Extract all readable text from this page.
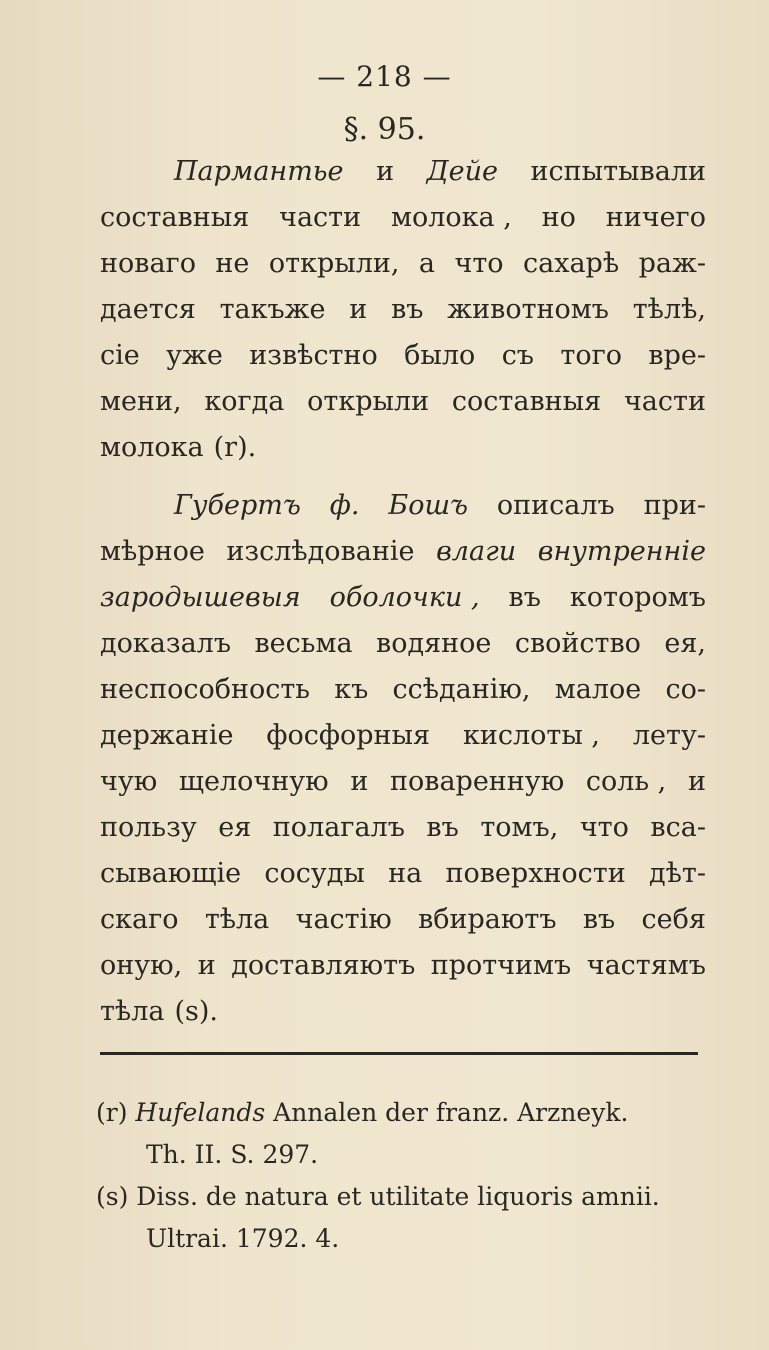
— 218 —
§. 95.
Пармантье и Дейе испытывали
составныя части молока , но ничего
новаго не открыли, а что сахарѣ раж-
дается такъже и въ животномъ тѣлѣ,
сіе уже извѣстно было съ того вре-
мени, когда открыли составныя части
молока (r).
Губертъ ф. Бошъ описалъ при-
мѣрное изслѣдованіе влаги внутренніе
зародышевыя оболочки , въ которомъ
доказалъ весьма водяное свойство ея,
неспособность къ ссѣданію, малое со-
держаніе фосфорныя кислоты , лету-
чую щелочную и поваренную соль , и
пользу ея полагалъ въ томъ, что вса-
сывающіе сосуды на поверхности дѣт-
скаго тѣла частію вбираютъ въ себя
оную, и доставляютъ протчимъ частямъ
тѣла (s).
(r) Hufelands Annalen der franz. Arzneyk.
Th. II. S. 297.
(s) Diss. de natura et utilitate liquoris amnii.
Ultrai. 1792. 4.
